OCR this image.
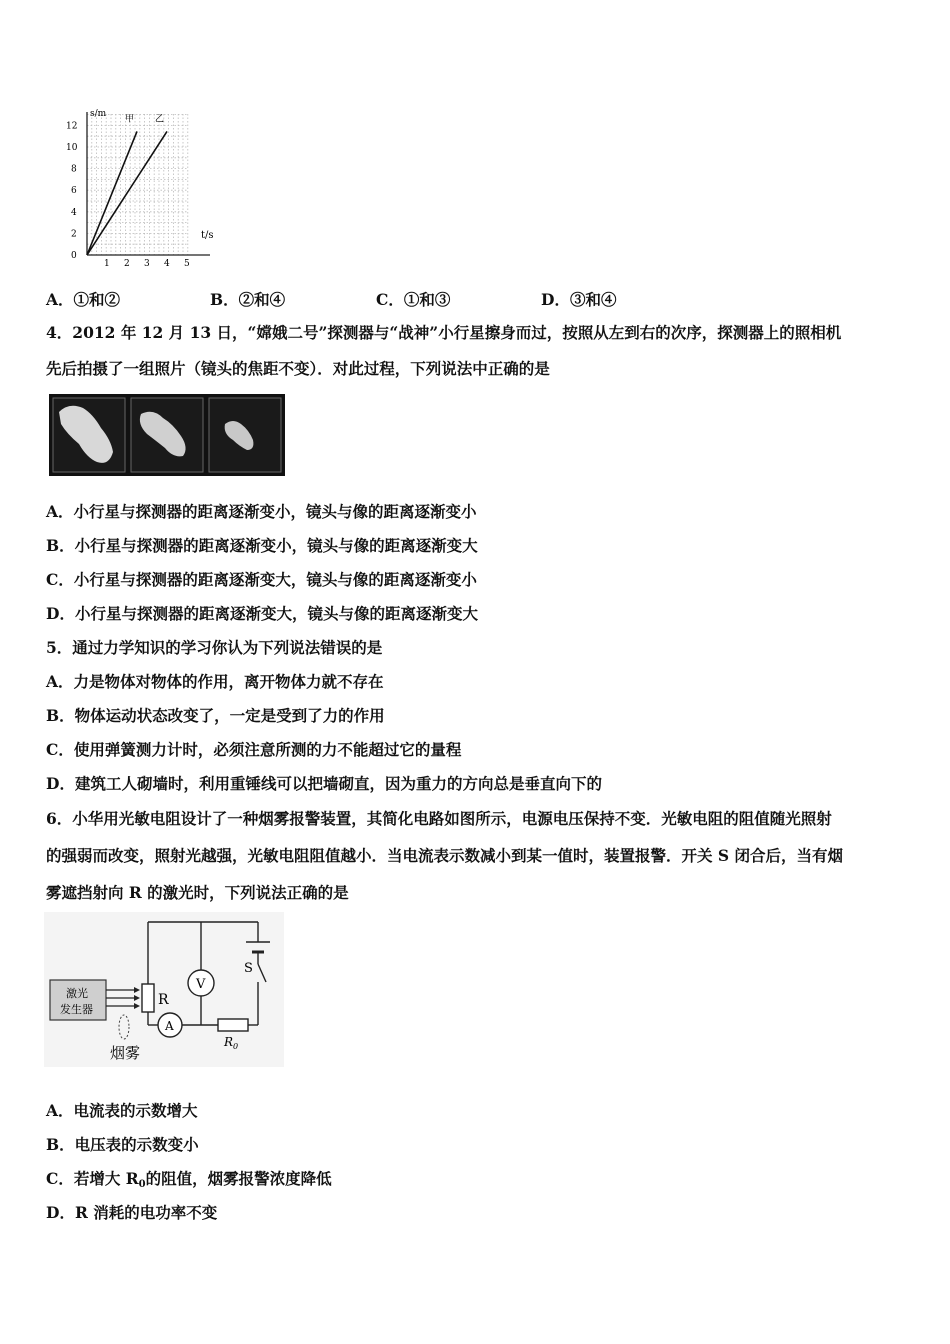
s/m
t/s
12
10
8
6
4
2
0
1 2 3 4 5
甲 乙
A．①和②	B．②和④	C．①和③	D．③和④
4．2012 年 12 月 13 日，“嫦娥二号”探测器与“战神”小行星擦身而过，按照从左到右的次序，探测器上的照相机
先后拍摄了一组照片（镜头的焦距不变）．对此过程，下列说法中正确的是
A．小行星与探测器的距离逐渐变小，镜头与像的距离逐渐变小
B．小行星与探测器的距离逐渐变小，镜头与像的距离逐渐变大
C．小行星与探测器的距离逐渐变大，镜头与像的距离逐渐变小
D．小行星与探测器的距离逐渐变大，镜头与像的距离逐渐变大
5．通过力学知识的学习你认为下列说法错误的是
A．力是物体对物体的作用，离开物体力就不存在
B．物体运动状态改变了，一定是受到了力的作用
C．使用弹簧测力计时，必须注意所测的力不能超过它的量程
D．建筑工人砌墙时，利用重锤线可以把墙砌直，因为重力的方向总是垂直向下的
6．小华用光敏电阻设计了一种烟雾报警装置，其简化电路如图所示，电源电压保持不变．光敏电阻的阻值随光照射
的强弱而改变，照射光越强，光敏电阻阻值越小．当电流表示数减小到某一值时，装置报警．开关 S 闭合后，当有烟
雾遮挡射向 R 的激光时，下列说法正确的是
S
R
V
A
$R_0$
激光
发生器
烟雾
A．电流表的示数增大
B．电压表的示数变小
C．若增大 $R_0$的阻值，烟雾报警浓度降低
D．R 消耗的电功率不变
